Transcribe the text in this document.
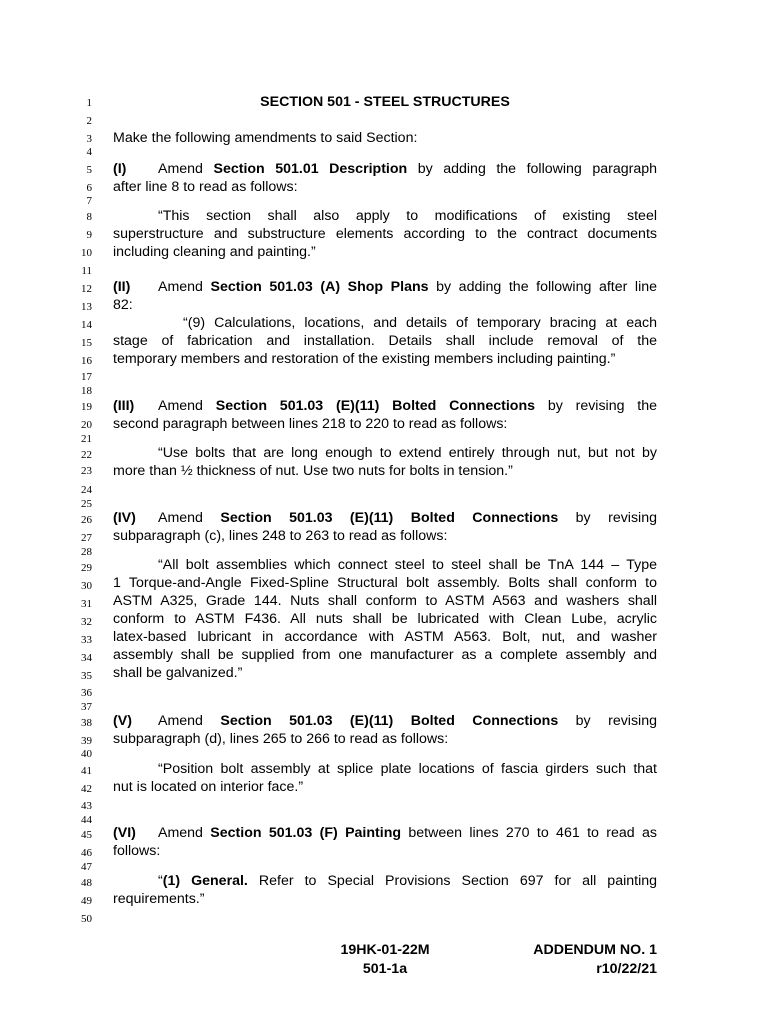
1
2
3
4
5
6
7
8
9
10
11
12
13
14
15
16
17
18
19
20
21
22
23
24
25
26
27
28
29
30
31
32
33
34
35
36
37
38
39
40
41
42
43
44
45
46
47
48
49
50
SECTION 501 - STEEL STRUCTURES
Make the following amendments to said Section:
(I) Amend Section 501.01 Description by adding the following paragraph
after line 8 to read as follows:
“This section shall also apply to modifications of existing steel
superstructure and substructure elements according to the contract documents
including cleaning and painting.”
(II) Amend Section 501.03 (A) Shop Plans by adding the following after line
82:
“(9) Calculations, locations, and details of temporary bracing at each
stage of fabrication and installation. Details shall include removal of the
temporary members and restoration of the existing members including painting.”
(III) Amend Section 501.03 (E)(11) Bolted Connections by revising the
second paragraph between lines 218 to 220 to read as follows:
“Use bolts that are long enough to extend entirely through nut, but not by
more than ½ thickness of nut. Use two nuts for bolts in tension.”
(IV) Amend Section 501.03 (E)(11) Bolted Connections by revising
subparagraph (c), lines 248 to 263 to read as follows:
“All bolt assemblies which connect steel to steel shall be TnA 144 – Type
1 Torque-and-Angle Fixed-Spline Structural bolt assembly. Bolts shall conform to
ASTM A325, Grade 144. Nuts shall conform to ASTM A563 and washers shall
conform to ASTM F436. All nuts shall be lubricated with Clean Lube, acrylic
latex-based lubricant in accordance with ASTM A563. Bolt, nut, and washer
assembly shall be supplied from one manufacturer as a complete assembly and
shall be galvanized.”
(V) Amend Section 501.03 (E)(11) Bolted Connections by revising
subparagraph (d), lines 265 to 266 to read as follows:
“Position bolt assembly at splice plate locations of fascia girders such that
nut is located on interior face.”
(VI) Amend Section 501.03 (F) Painting between lines 270 to 461 to read as
follows:
“(1) General. Refer to Special Provisions Section 697 for all painting
requirements.”
19HK-01-22M
501-1a
ADDENDUM NO. 1
r10/22/21
